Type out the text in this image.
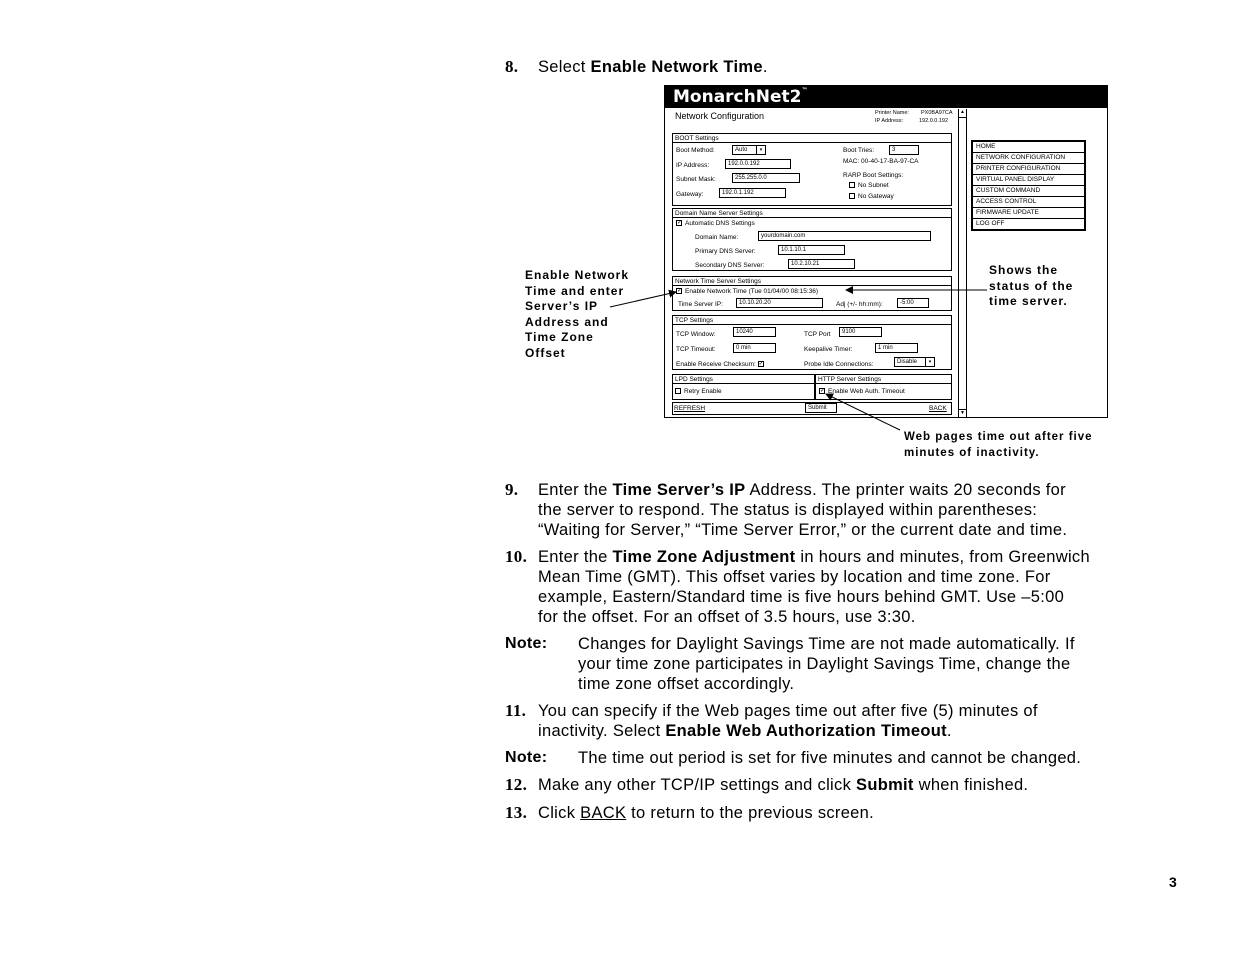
8. Select Enable Network Time.
MonarchNet2™
Network Configuration	Printer Name: PX0BA97CA
IP Address:	192.0.0.192
BOOT Settings
Boot Method:	Auto	▾	Boot Tries:	3
IP Address:	192.0.0.192	MAC: 00-40-17-BA-97-CA
Subnet Mask:	255.255.0.0	RARP Boot Settings:
No Subnet
Gateway:	192.0.1.192	No Gateway
Domain Name Server Settings
✓ Automatic DNS Settings
Domain Name:	yourdomain.com
Primary DNS Server:	10.1.10.1
Secondary DNS Server:	10.2.10.21
Network Time Server Settings
✓ Enable Network Time (Tue 01/04/00 08:15:36)
Time Server IP:	10.10.20.20	Adj (+/- hh:mm):	-5:00
TCP Settings
TCP Window:	10240	TCP Port	9100
TCP Timeout:	0 min	Keepalive Timer:	1 min
Enable Receive Checksum: ✓	Probe Idle Connections:	Disable	▾
LPD Settings	HTTP Server Settings
Retry Enable	✓ Enable Web Auth. Timeout
REFRESH	Submit	BACK
▲
▼
HOME
NETWORK CONFIGURATION
PRINTER CONFIGURATION
VIRTUAL PANEL DISPLAY
CUSTOM COMMAND
ACCESS CONTROL
FIRMWARE UPDATE
LOG OFF
Enable Network
Time and enter
Server’s IP
Address and
Time Zone
Offset
Shows the
status of the
time server.
Web pages time out after five
minutes of inactivity.
9. Enter the Time Server’s IP Address. The printer waits 20 seconds for
the server to respond. The status is displayed within parentheses:
“Waiting for Server,” “Time Server Error,” or the current date and time.
10. Enter the Time Zone Adjustment in hours and minutes, from Greenwich
Mean Time (GMT). This offset varies by location and time zone. For
example, Eastern/Standard time is five hours behind GMT. Use –5:00
for the offset. For an offset of 3.5 hours, use 3:30.
Note: Changes for Daylight Savings Time are not made automatically. If
your time zone participates in Daylight Savings Time, change the
time zone offset accordingly.
11. You can specify if the Web pages time out after five (5) minutes of
inactivity. Select Enable Web Authorization Timeout.
Note: The time out period is set for five minutes and cannot be changed.
12. Make any other TCP/IP settings and click Submit when finished.
13. Click BACK to return to the previous screen.
3
